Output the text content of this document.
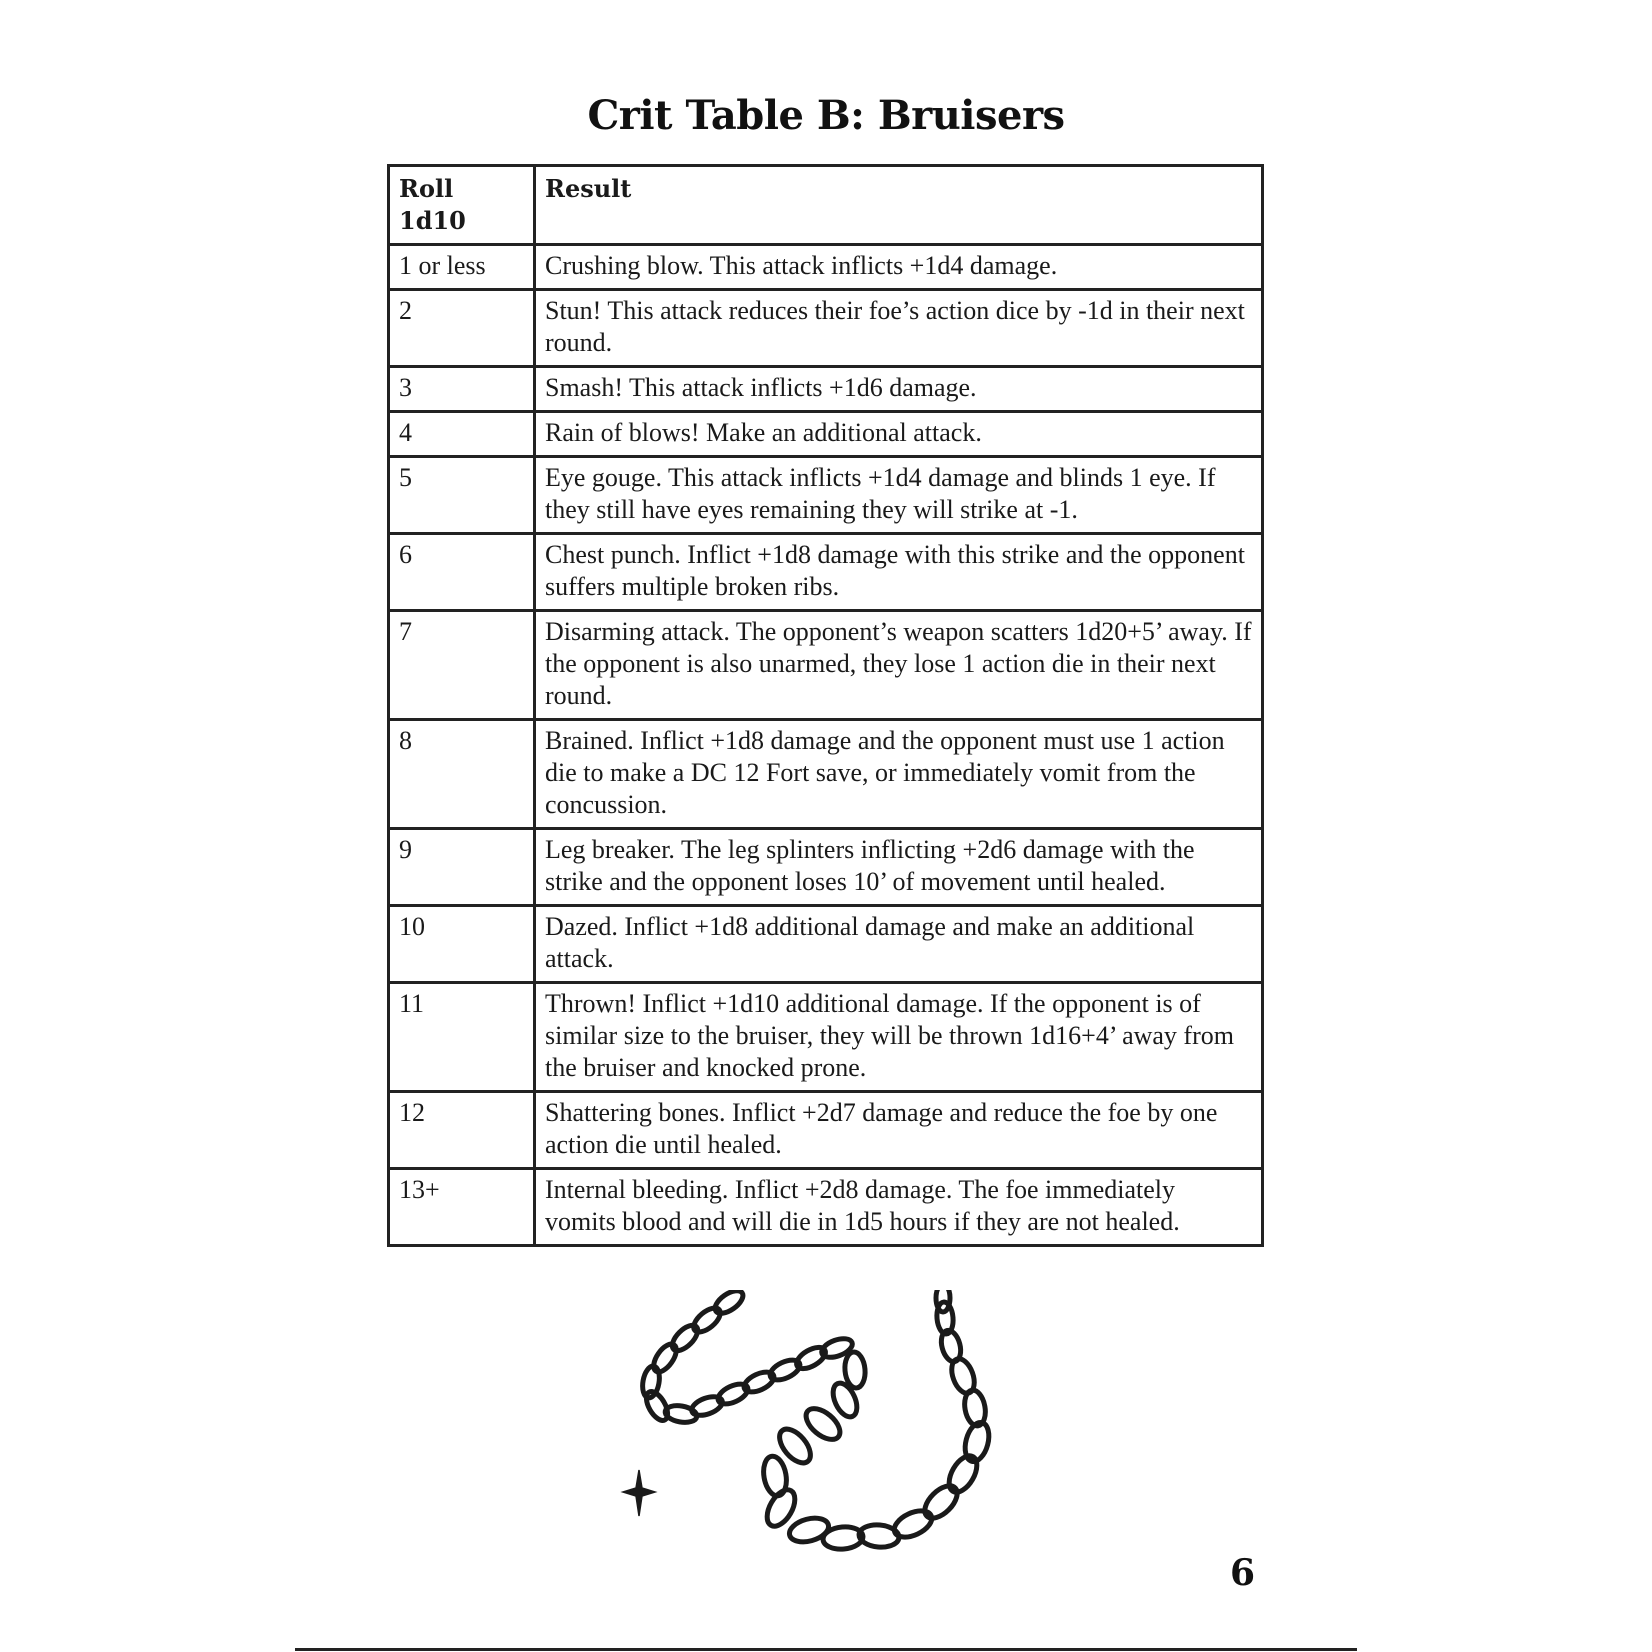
Crit Table B: Bruisers
Roll 1d10	Result
1 or less	Crushing blow. This attack inflicts +1d4 damage.
2	Stun! This attack reduces their foe’s action dice by -1d in their next round.
3	Smash! This attack inflicts +1d6 damage.
4	Rain of blows! Make an additional attack.
5	Eye gouge. This attack inflicts +1d4 damage and blinds 1 eye. If they still have eyes remaining they will strike at -1.
6	Chest punch. Inflict +1d8 damage with this strike and the opponent suffers multiple broken ribs.
7	Disarming attack. The opponent’s weapon scatters 1d20+5’ away. If the opponent is also unarmed, they lose 1 action die in their next round.
8	Brained. Inflict +1d8 damage and the opponent must use 1 action die to make a DC 12 Fort save, or immediately vomit from the concussion.
9	Leg breaker. The leg splinters inflicting +2d6 damage with the strike and the opponent loses 10’ of movement until healed.
10	Dazed. Inflict +1d8 additional damage and make an additional attack.
11	Thrown! Inflict +1d10 additional damage. If the opponent is of similar size to the bruiser, they will be thrown 1d16+4’ away from the bruiser and knocked prone.
12	Shattering bones. Inflict +2d7 damage and reduce the foe by one action die until healed.
13+	Internal bleeding. Inflict +2d8 damage. The foe immediately vomits blood and will die in 1d5 hours if they are not healed.
6
